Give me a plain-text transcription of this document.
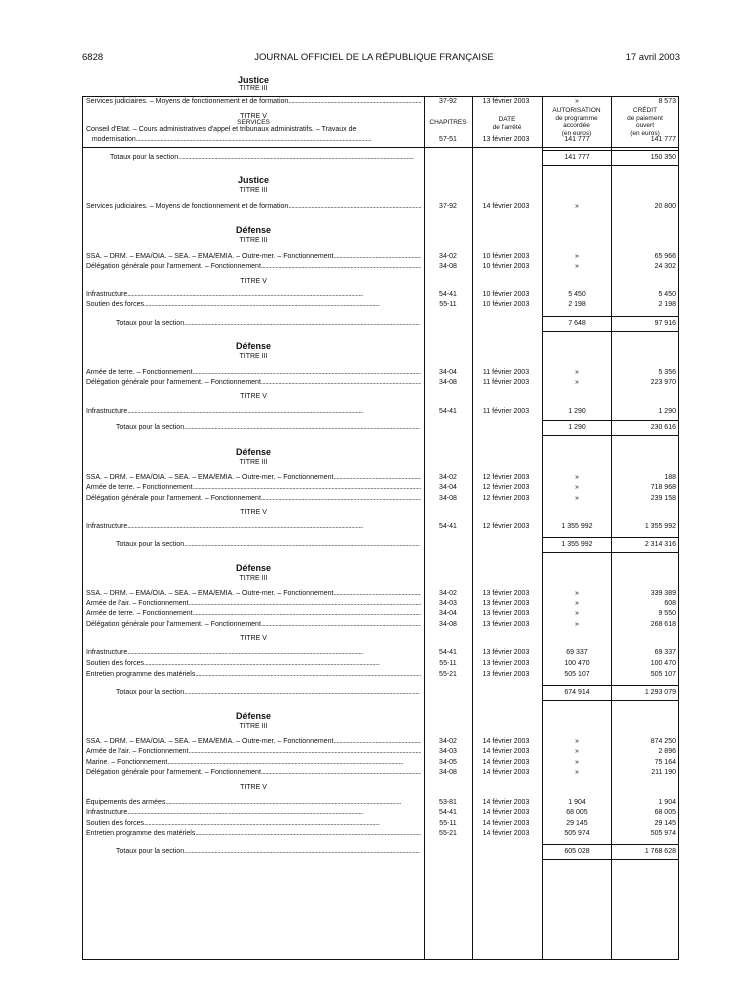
6828	JOURNAL OFFICIEL DE LA RÉPUBLIQUE FRANÇAISE	17 avril 2003
SERVICES	CHAPITRES	DATE
de l'arrêté
AUTORISATION
de programme
accordée
(en euros)
CRÉDIT
de paiement
ouvert
(en euros)
Justice
TITRE III
Services judiciaires. – Moyens de fonctionnement et de formation .....	37-92	13 février 2003	»	8 573
TITRE V
Conseil d'Etat. – Cours administratives d'appel et tribunaux administratifs. – Travaux de
modernisation .....	57-51	13 février 2003	141 777	141 777
Totaux pour la section .....	141 777	150 350
Justice
TITRE III
Services judiciaires. – Moyens de fonctionnement et de formation .....	37-92	14 février 2003	»	20 800
Défense
TITRE III
SSA. – DRM. – EMA/OIA. – SEA. – EMA/EMIA. – Outre-mer. – Fonctionnement .....	34-02	10 février 2003	»	65 966
Délégation générale pour l'armement. – Fonctionnement .....	34-08	10 février 2003	»	24 302
TITRE V
Infrastructure .....	54-41	10 février 2003	5 450	5 450
Soutien des forces .....	55-11	10 février 2003	2 198	2 198
Totaux pour la section .....	7 648	97 916
Défense
TITRE III
Armée de terre. – Fonctionnement .....	34-04	11 février 2003	»	5 356
Délégation générale pour l'armement. – Fonctionnement .....	34-08	11 février 2003	»	223 970
TITRE V
Infrastructure .....	54-41	11 février 2003	1 290	1 290
Totaux pour la section .....	1 290	230 616
Défense
TITRE III
SSA. – DRM. – EMA/OIA. – SEA. – EMA/EMIA. – Outre-mer. – Fonctionnement .....	34-02	12 février 2003	»	188
Armée de terre. – Fonctionnement .....	34-04	12 février 2003	»	718 968
Délégation générale pour l'armement. – Fonctionnement .....	34-08	12 février 2003	»	239 158
TITRE V
Infrastructure .....	54-41	12 février 2003	1 355 992	1 355 992
Totaux pour la section .....	1 355 992	2 314 316
Défense
TITRE III
SSA. – DRM. – EMA/OIA. – SEA. – EMA/EMIA. – Outre-mer. – Fonctionnement .....	34-02	13 février 2003	»	339 389
Armée de l'air. – Fonctionnement .....	34-03	13 février 2003	»	608
Armée de terre. – Fonctionnement .....	34-04	13 février 2003	»	9 550
Délégation générale pour l'armement. – Fonctionnement .....	34-08	13 février 2003	»	268 618
TITRE V
Infrastructure .....	54-41	13 février 2003	69 337	69 337
Soutien des forces .....	55-11	13 février 2003	100 470	100 470
Entretien programme des matériels .....	55-21	13 février 2003	505 107	505 107
Totaux pour la section .....	674 914	1 293 079
Défense
TITRE III
SSA. – DRM. – EMA/OIA. – SEA. – EMA/EMIA. – Outre-mer. – Fonctionnement .....	34-02	14 février 2003	»	874 250
Armée de l'air. – Fonctionnement .....	34-03	14 février 2003	»	2 896
Marine. – Fonctionnement .....	34-05	14 février 2003	»	75 164
Délégation générale pour l'armement. – Fonctionnement .....	34-08	14 février 2003	»	211 190
TITRE V
Équipements des armées .....	53-81	14 février 2003	1 904	1 904
Infrastructure .....	54-41	14 février 2003	68 005	68 005
Soutien des forces .....	55-11	14 février 2003	29 145	29 145
Entretien programme des matériels .....	55-21	14 février 2003	505 974	505 974
Totaux pour la section .....	605 028	1 768 628
